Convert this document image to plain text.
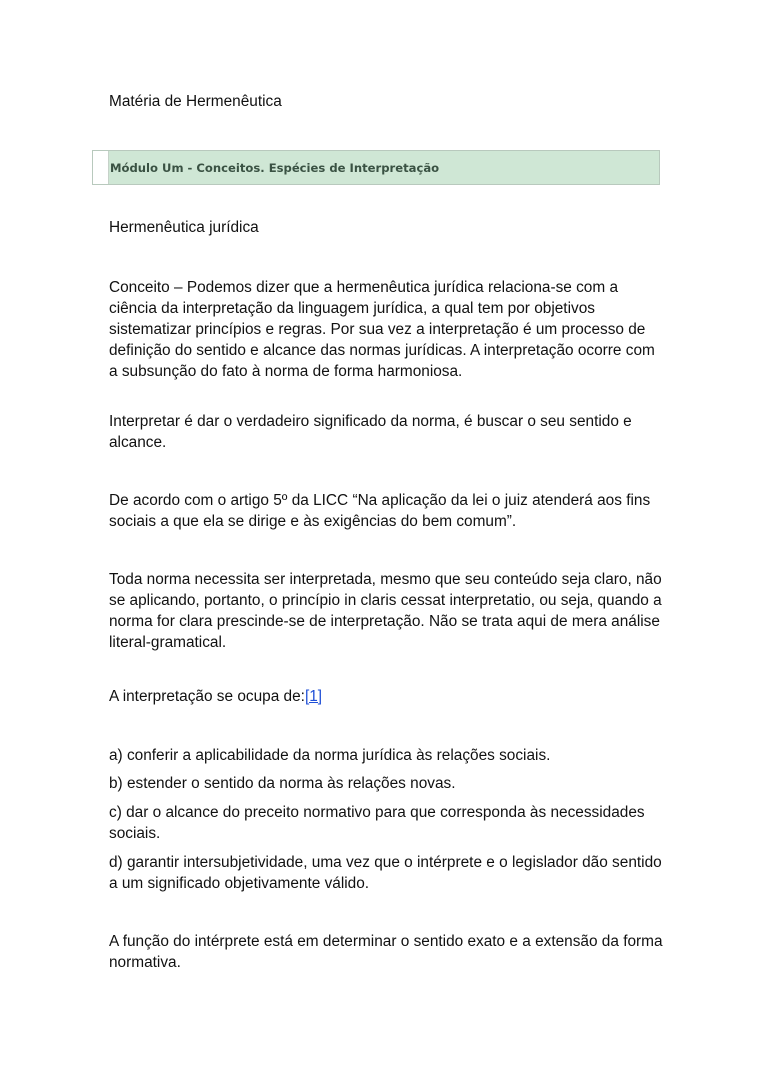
Matéria de Hermenêutica

Módulo Um - Conceitos. Espécies de Interpretação

Hermenêutica jurídica

Conceito – Podemos dizer que a hermenêutica jurídica relaciona-se com a ciência da interpretação da linguagem jurídica, a qual tem por objetivos sistematizar princípios e regras. Por sua vez a interpretação é um processo de definição do sentido e alcance das normas jurídicas. A interpretação ocorre com a subsunção do fato à norma de forma harmoniosa.

Interpretar é dar o verdadeiro significado da norma, é buscar o seu sentido e alcance.

De acordo com o artigo 5º da LICC “Na aplicação da lei o juiz atenderá aos fins sociais a que ela se dirige e às exigências do bem comum”.

Toda norma necessita ser interpretada, mesmo que seu conteúdo seja claro, não se aplicando, portanto, o princípio in claris cessat interpretatio, ou seja, quando a norma for clara prescinde-se de interpretação. Não se trata aqui de mera análise literal-gramatical.

A interpretação se ocupa de:[1]

a) conferir a aplicabilidade da norma jurídica às relações sociais.

b) estender o sentido da norma às relações novas.

c) dar o alcance do preceito normativo para que corresponda às necessidades sociais.

d) garantir intersubjetividade, uma vez que o intérprete e o legislador dão sentido a um significado objetivamente válido.

A função do intérprete está em determinar o sentido exato e a extensão da forma normativa.
